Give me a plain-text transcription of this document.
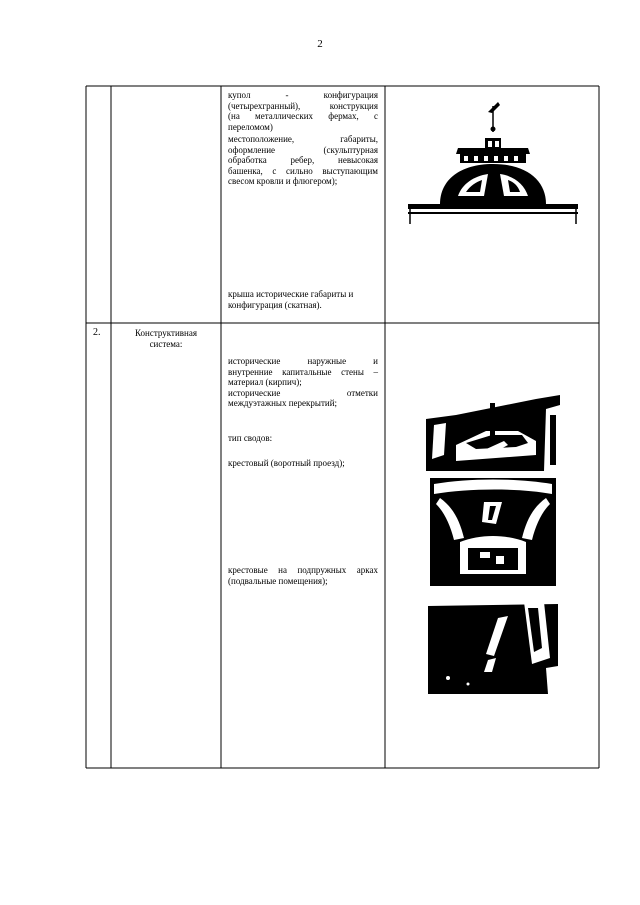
2

купол - конфигурация

(четырехгранный), конструкция

(на металлических фермах, с

переломом)

местоположение, габариты,

оформление (скульптурная

обработка ребер, невысокая

башенка, с сильно выступающим

свесом кровли и флюгером);

крыша исторические габариты и

конфигурация (скатная).

2.	Конструктивная система:

исторические наружные и

внутренние капитальные стены –

материал (кирпич);

исторические отметки

междуэтажных перекрытий;

тип сводов:
крестовый (воротный проезд);

крестовые на подпружных арках

(подвальные помещения);
